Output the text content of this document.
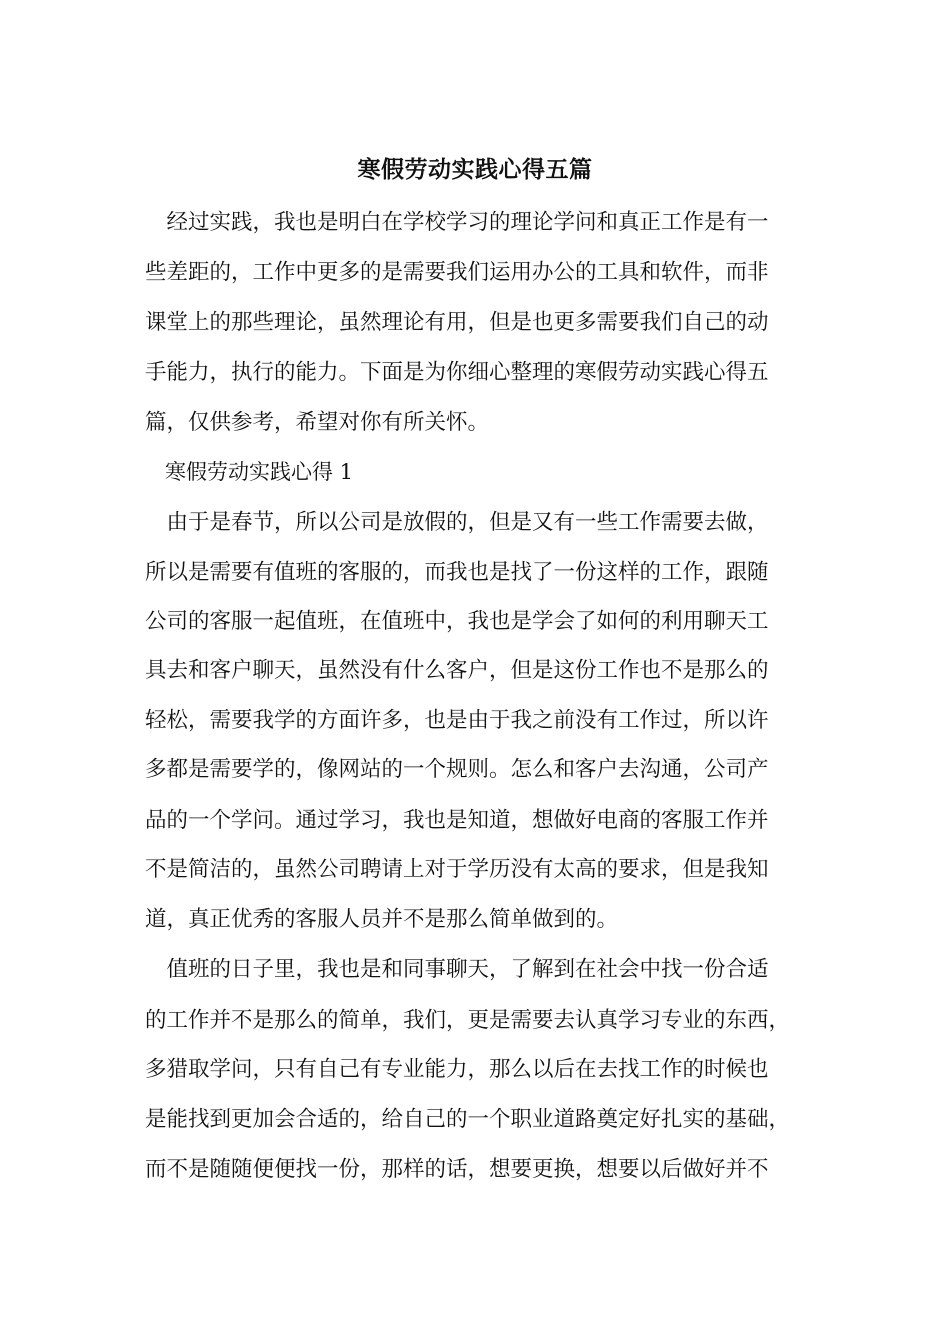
寒假劳动实践心得五篇
　经过实践，我也是明白在学校学习的理论学问和真正工作是有一
些差距的，工作中更多的是需要我们运用办公的工具和软件，而非
课堂上的那些理论，虽然理论有用，但是也更多需要我们自己的动
手能力，执行的能力。下面是为你细心整理的寒假劳动实践心得五
篇，仅供参考，希望对你有所关怀。
寒假劳动实践心得 1
　由于是春节，所以公司是放假的，但是又有一些工作需要去做，
所以是需要有值班的客服的，而我也是找了一份这样的工作，跟随
公司的客服一起值班，在值班中，我也是学会了如何的利用聊天工
具去和客户聊天，虽然没有什么客户，但是这份工作也不是那么的
轻松，需要我学的方面许多，也是由于我之前没有工作过，所以许
多都是需要学的，像网站的一个规则。怎么和客户去沟通，公司产
品的一个学问。通过学习，我也是知道，想做好电商的客服工作并
不是简洁的，虽然公司聘请上对于学历没有太高的要求，但是我知
道，真正优秀的客服人员并不是那么简单做到的。
　值班的日子里，我也是和同事聊天，了解到在社会中找一份合适
的工作并不是那么的简单，我们，更是需要去认真学习专业的东西，
多猎取学问，只有自己有专业能力，那么以后在去找工作的时候也
是能找到更加会合适的，给自己的一个职业道路奠定好扎实的基础，
而不是随随便便找一份，那样的话，想要更换，想要以后做好并不
